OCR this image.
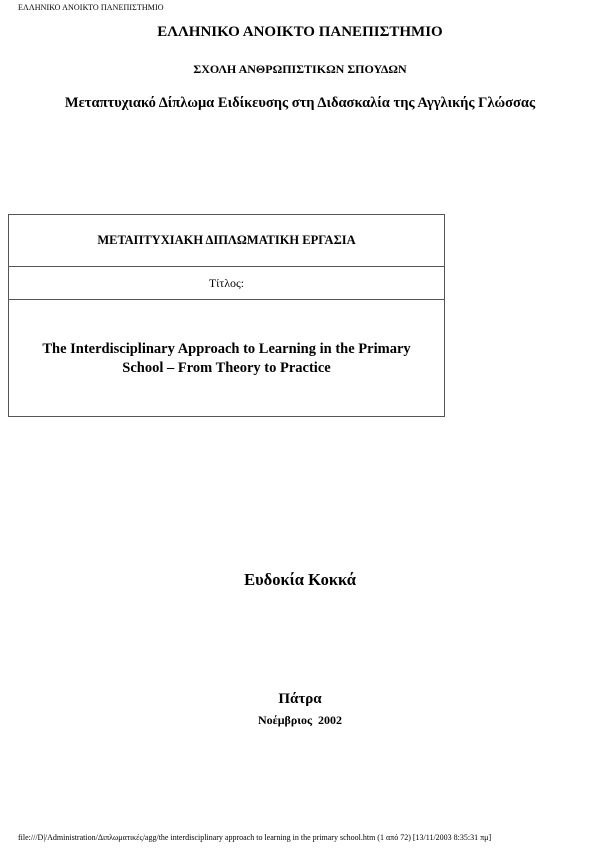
ΕΛΛΗΝΙΚΟ ΑΝΟΙΚΤΟ ΠΑΝΕΠΙΣΤΗΜΙΟ
ΕΛΛΗΝΙΚΟ ΑΝΟΙΚΤΟ ΠΑΝΕΠΙΣΤΗΜΙΟ
ΣΧΟΛΗ ΑΝΘΡΩΠΙΣΤΙΚΩΝ ΣΠΟΥΔΩΝ
Μεταπτυχιακό Δίπλωμα Ειδίκευσης στη Διδασκαλία της Αγγλικής Γλώσσας
ΜΕΤΑΠΤΥΧΙΑΚΗ ΔΙΠΛΩΜΑΤΙΚΗ ΕΡΓΑΣΙΑ
Τίτλος:
The Interdisciplinary Approach to Learning in the Primary
School – From Theory to Practice
Ευδοκία Κοκκά
Πάτρα
Νοέμβριος  2002
file:///D|/Administration/Διπλωματικές/agg/the interdisciplinary approach to learning in the primary school.htm (1 από 72) [13/11/2003 8:35:31 πμ]
